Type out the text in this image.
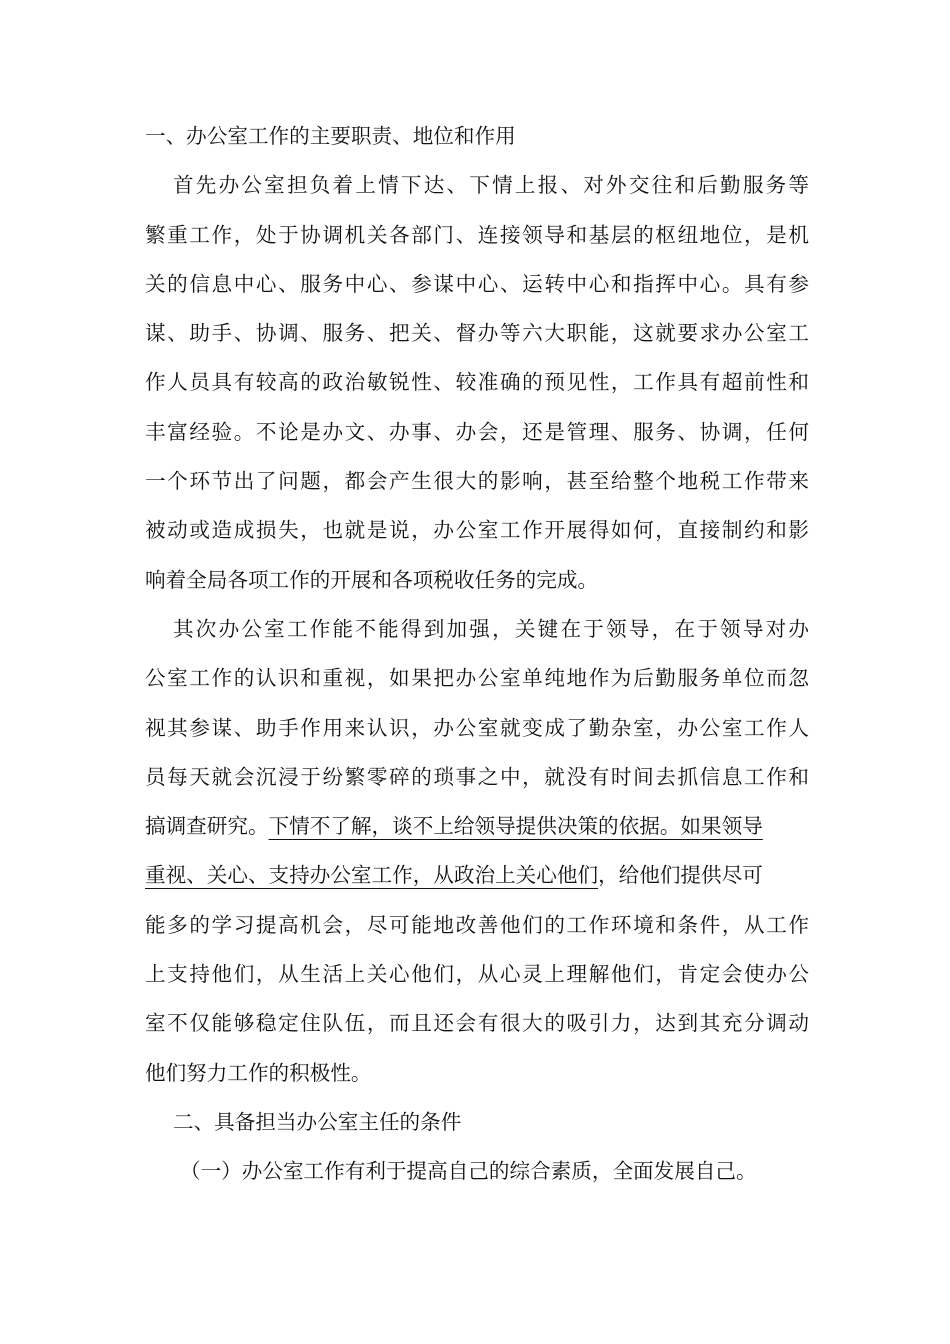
一、办公室工作的主要职责、地位和作用
首先办公室担负着上情下达、下情上报、对外交往和后勤服务等
繁重工作，处于协调机关各部门、连接领导和基层的枢纽地位，是机
关的信息中心、服务中心、参谋中心、运转中心和指挥中心。具有参
谋、助手、协调、服务、把关、督办等六大职能，这就要求办公室工
作人员具有较高的政治敏锐性、较准确的预见性，工作具有超前性和
丰富经验。不论是办文、办事、办会，还是管理、服务、协调，任何
一个环节出了问题，都会产生很大的影响，甚至给整个地税工作带来
被动或造成损失，也就是说，办公室工作开展得如何，直接制约和影
响着全局各项工作的开展和各项税收任务的完成。
其次办公室工作能不能得到加强，关键在于领导，在于领导对办
公室工作的认识和重视，如果把办公室单纯地作为后勤服务单位而忽
视其参谋、助手作用来认识，办公室就变成了勤杂室，办公室工作人
员每天就会沉浸于纷繁零碎的琐事之中，就没有时间去抓信息工作和
搞调查研究。下情不了解，谈不上给领导提供决策的依据。如果领导
重视、关心、支持办公室工作，从政治上关心他们，给他们提供尽可
能多的学习提高机会，尽可能地改善他们的工作环境和条件，从工作
上支持他们，从生活上关心他们，从心灵上理解他们，肯定会使办公
室不仅能够稳定住队伍，而且还会有很大的吸引力，达到其充分调动
他们努力工作的积极性。
二、具备担当办公室主任的条件
（一）办公室工作有利于提高自己的综合素质，全面发展自己。
